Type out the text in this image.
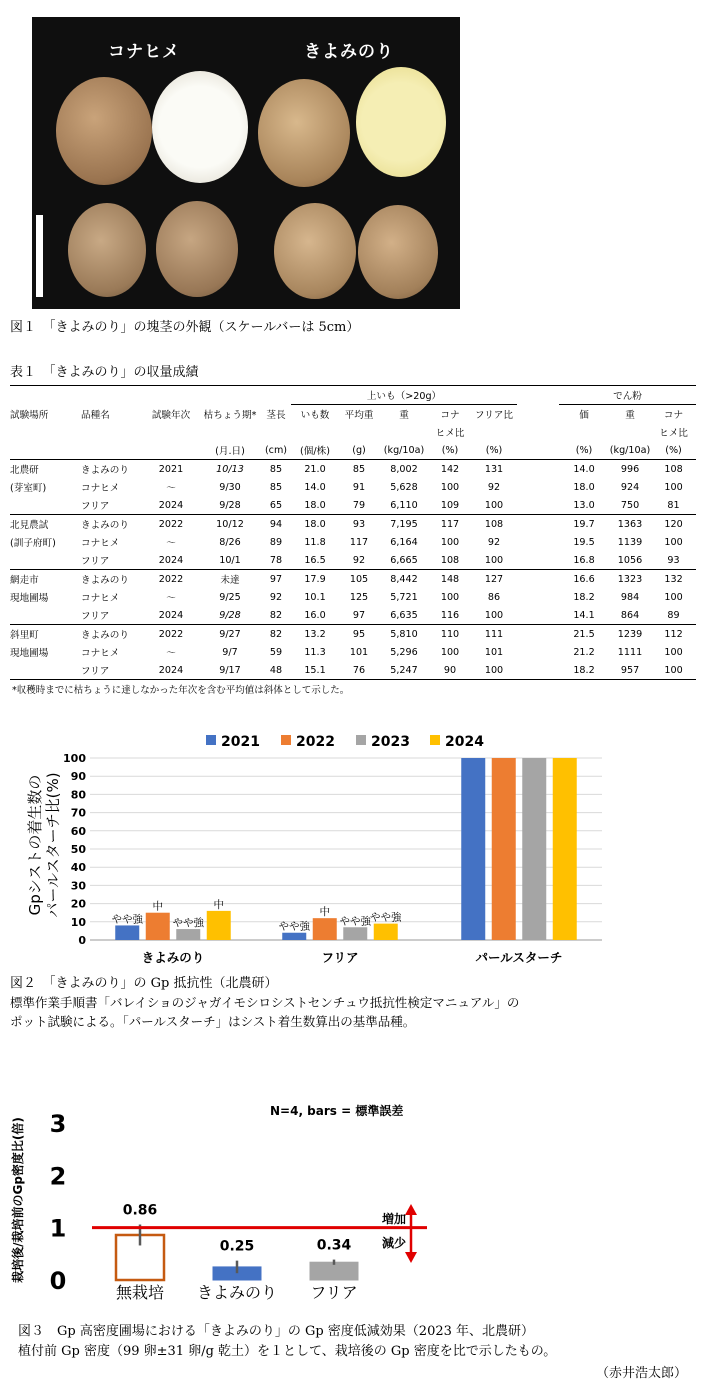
コナヒメ	きよみのり
図１　「きよみのり」の塊茎の外観（スケールバーは 5cm）
表１　「きよみのり」の収量成績
					上いも（>20g）						でん粉			
試験場所	品種名	試験年次	枯ちょう期*	茎長	いも数	平均重	重	コナ	フリア比		価	重	コナ	
								ヒメ比					ヒメ比	
			(月.日)	(cm)	(個/株)	(g)	(kg/10a)	(%)	(%)		(%)	(kg/10a)	(%)	
北農研	きよみのり	2021	10/13	85	21.0	85	8,002	142	131		14.0	996	108	
(芽室町)	コナヒメ	～	9/30	85	14.0	91	5,628	100	92		18.0	924	100	
	フリア	2024	9/28	65	18.0	79	6,110	109	100		13.0	750	81	
北見農試	きよみのり	2022	10/12	94	18.0	93	7,195	117	108		19.7	1363	120	
(訓子府町)	コナヒメ	～	8/26	89	11.8	117	6,164	100	92		19.5	1139	100	
	フリア	2024	10/1	78	16.5	92	6,665	108	100		16.8	1056	93	
網走市	きよみのり	2022	未達	97	17.9	105	8,442	148	127		16.6	1323	132	
現地圃場	コナヒメ	～	9/25	92	10.1	125	5,721	100	86		18.2	984	100	
	フリア	2024	9/28	82	16.0	97	6,635	116	100		14.1	864	89	
斜里町	きよみのり	2022	9/27	82	13.2	95	5,810	110	111		21.5	1239	112	
現地圃場	コナヒメ	～	9/7	59	11.3	101	5,296	100	101		21.2	1111	100	
	フリア	2024	9/17	48	15.1	76	5,247	90	100		18.2	957	100	
*収穫時までに枯ちょうに達しなかった年次を含む平均値は斜体として示した。
2021	2022	2023	2024
0
10
20
30
40
50
60
70
80
90
100
やや強
中
やや強
中
やや強
中
やや強 やや強
きよみのり	フリア	パールスターチ
Gpシストの着生数の パールスターチ比(%)
図２　「きよみのり」の Gp 抵抗性（北農研）
標準作業手順書「バレイショのジャガイモシロシストセンチュウ抵抗性検定マニュアル」の
ポット試験による。「パールスターチ」はシスト着生数算出の基準品種。
N=4, bars = 標準誤差
栽培後/栽培前のGp密度比(倍) 0
1
2
3
0.86
0.25	0.34
無栽培 きよみのり フリア
増加
減少
図３　Gp 高密度圃場における「きよみのり」の Gp 密度低減効果（2023 年、北農研）
植付前 Gp 密度（99 卵±31 卵/g 乾土）を１として、栽培後の Gp 密度を比で示したもの。
（赤井浩太郎）
